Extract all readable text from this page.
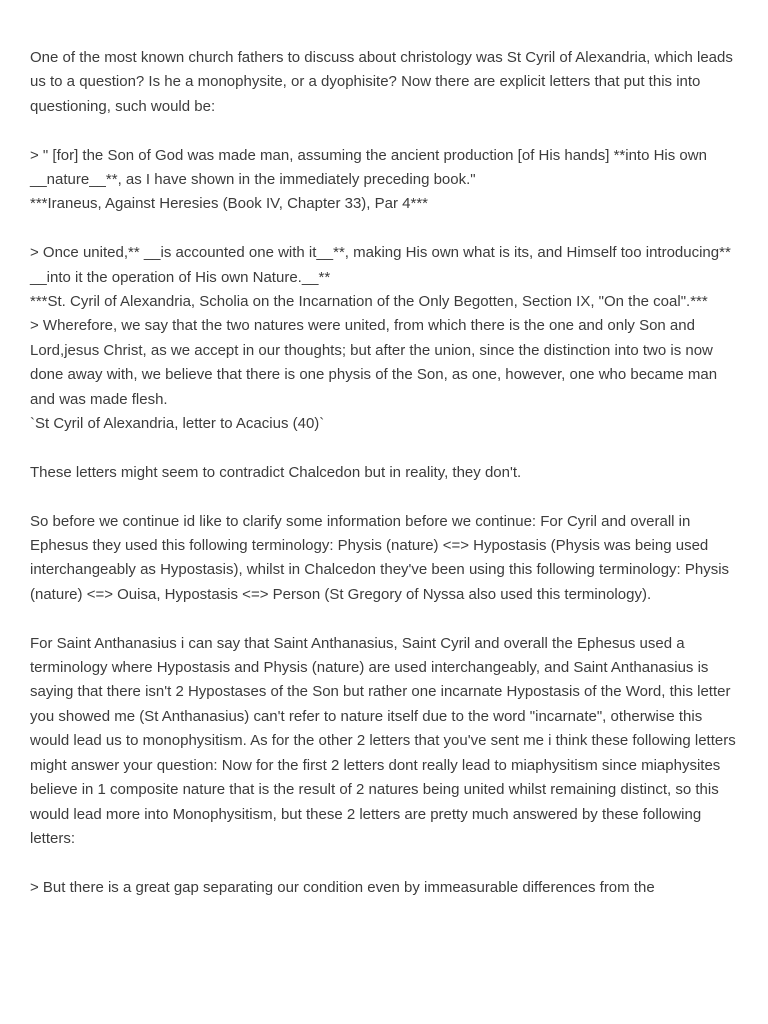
One of the most known church fathers to discuss about christology was St Cyril of Alexandria, which leads us to a question? Is he a monophysite, or a dyophisite? Now there are explicit letters that put this into questioning, such would be:

> " [for] the Son of God was made man, assuming the ancient production [of His hands] **into His own __nature__**, as I have shown in the immediately preceding book."

***Iraneus, Against Heresies (Book IV, Chapter 33), Par 4***

> Once united,** __is accounted one with it__**, making His own what is its, and Himself too introducing** __into it the operation of His own Nature.__**

***St. Cyril of Alexandria, Scholia on the Incarnation of the Only Begotten, Section IX, "On the coal".***

> Wherefore, we say that the two natures were united, from which there is the one and only Son and Lord,jesus Christ, as we accept in our thoughts; but after the union, since the distinction into two is now done away with, we believe that there is one physis of the Son, as one, however, one who became man and was made flesh.

`St Cyril of Alexandria, letter to Acacius (40)`

These letters might seem to contradict Chalcedon but in reality, they don't.

So before we continue id like to clarify some information before we continue: For Cyril and overall in Ephesus they used this following terminology: Physis (nature) <=> Hypostasis (Physis was being used interchangeably as Hypostasis), whilst in Chalcedon they've been using this following terminology: Physis (nature) <=> Ouisa, Hypostasis <=> Person (St Gregory of Nyssa also used this terminology).

For Saint Anthanasius i can say that Saint Anthanasius, Saint Cyril and overall the Ephesus used a terminology where Hypostasis and Physis (nature) are used interchangeably, and Saint Anthanasius is saying that there isn't 2 Hypostases of the Son but rather one incarnate Hypostasis of the Word, this letter you showed me (St Anthanasius) can't refer to nature itself due to the word "incarnate", otherwise this would lead us to monophysitism. As for the other 2 letters that you've sent me i think these following letters might answer your question: Now for the first 2 letters dont really lead to miaphysitism since miaphysites believe in 1 composite nature that is the result of 2 natures being united whilst remaining distinct, so this would lead more into Monophysitism, but these 2 letters are pretty much answered by these following letters:

> But there is a great gap separating our condition even by immeasurable differences from the
